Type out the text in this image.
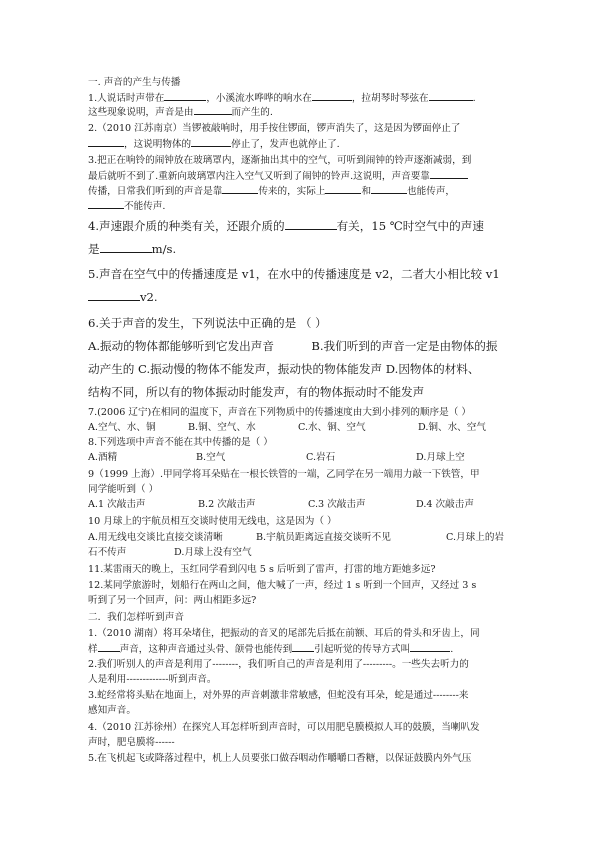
一. 声音的产生与传播
1.人说话时声带在	，小溪流水哗哗的响水在	，拉胡琴时琴弦在	.
这些现象说明，声音是由	而产生的.
2.（2010 江苏南京）当锣被敲响时，用手按住锣面，锣声消失了，这是因为锣面停止了
，这说明物体的	停止了，发声也就停止了.
3.把正在响铃的闹钟放在玻璃罩内，逐渐抽出其中的空气，可听到闹钟的铃声逐渐减弱，到
最后就听不到了.重新向玻璃罩内注入空气又听到了闹钟的铃声.这说明，声音要靠
传播，日常我们听到的声音是靠	传来的，实际上	和	也能传声，
不能传声.
4.声速跟介质的种类有关，还跟介质的	有关，15 ℃时空气中的声速
是	m/s.
5.声音在空气中的传播速度是 v1，在水中的传播速度是 v2，二者大小相比较 v1
v2.
6.关于声音的发生，下列说法中正确的是 （ ）
A.振动的物体都能够听到它发出声音	B.我们听到的声音一定是由物体的振
动产生的 C.振动慢的物体不能发声，振动快的物体能发声 D.因物体的材料、
结构不同，所以有的物体振动时能发声，有的物体振动时不能发声
7.(2006 辽宁)在相同的温度下，声音在下列物质中的传播速度由大到小排列的顺序是（ ）
A.空气、水、铜	B.铜、空气、水	C.水、铜、空气	D.铜、水、空气
8.下列选项中声音不能在其中传播的是（ ）
A.酒精	B.空气	C.岩石	D.月球上空
9（1999 上海）.甲同学将耳朵贴在一根长铁管的一端，乙同学在另一端用力敲一下铁管，甲
同学能听到（ ）
A.1 次敲击声	B.2 次敲击声	C.3 次敲击声	D.4 次敲击声
10 月球上的宇航员相互交谈时使用无线电，这是因为（ ）
A.用无线电交谈比直接交谈清晰	B.宇航员距离远直接交谈听不见	C.月球上的岩
石不传声	D.月球上没有空气
11.某雷雨天的晚上，玉红同学看到闪电 5 s 后听到了雷声，打雷的地方距她多远?
12.某同学旅游时，划船行在两山之间，他大喊了一声，经过 1 s 听到一个回声，又经过 3 s
听到了另一个回声，问：两山相距多远?
二．我们怎样听到声音
1.（2010 湖南）将耳朵堵住，把振动的音叉的尾部先后抵在前额、耳后的骨头和牙齿上，同
样 声音，这种声音通过头骨、颌骨也能传到 引起听觉的传导方式叫	.
2.我们听别人的声音是利用了--------，我们听自己的声音是利用了---------。一些失去听力的
人是利用-------------听到声音。
3.蛇经常将头贴在地面上，对外界的声音刺激非常敏感，但蛇没有耳朵，蛇是通过--------来
感知声音。
4.（2010 江苏徐州）在探究人耳怎样听到声音时，可以用肥皂膜模拟人耳的鼓膜，当喇叭发
声时，肥皂膜将------
5.在飞机起飞或降落过程中，机上人员要张口做吞咽动作嚼嚼口香糖，以保证鼓膜内外气压
